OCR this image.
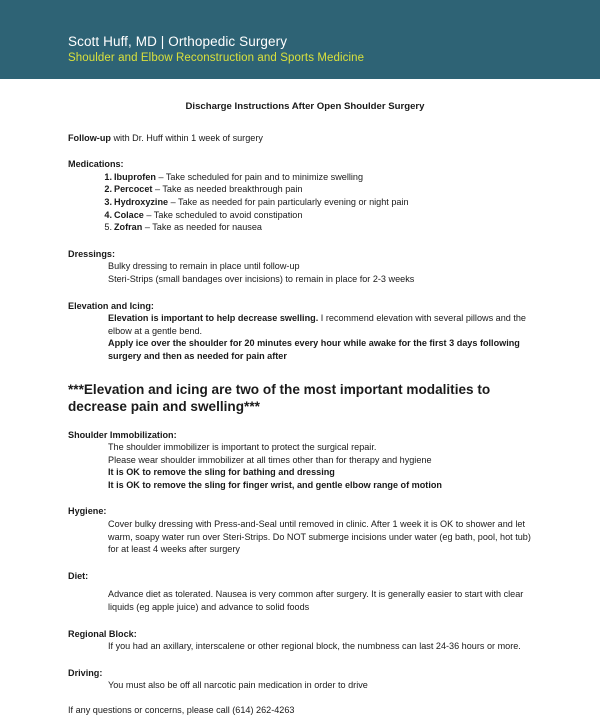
Scott Huff, MD | Orthopedic Surgery
Shoulder and Elbow Reconstruction and Sports Medicine
Discharge Instructions After Open Shoulder Surgery

Follow-up with Dr. Huff within 1 week of surgery

Medications:

1. Ibuprofen – Take scheduled for pain and to minimize swelling
2. Percocet – Take as needed breakthrough pain
3. Hydroxyzine – Take as needed for pain particularly evening or night pain
4. Colace – Take scheduled to avoid constipation
5. Zofran – Take as needed for nausea

Dressings:

Bulky dressing to remain in place until follow-up

Steri-Strips (small bandages over incisions) to remain in place for 2-3 weeks

Elevation and Icing:

Elevation is important to help decrease swelling. I recommend elevation with several pillows and the elbow at a gentle bend.

Apply ice over the shoulder for 20 minutes every hour while awake for the first 3 days following surgery and then as needed for pain after

***Elevation and icing are two of the most important modalities to decrease pain and swelling***

Shoulder Immobilization:

The shoulder immobilizer is important to protect the surgical repair.

Please wear shoulder immobilizer at all times other than for therapy and hygiene

It is OK to remove the sling for bathing and dressing

It is OK to remove the sling for finger wrist, and gentle elbow range of motion

Hygiene:

Cover bulky dressing with Press-and-Seal until removed in clinic. After 1 week it is OK to shower and let warm, soapy water run over Steri-Strips. Do NOT submerge incisions under water (eg bath, pool, hot tub) for at least 4 weeks after surgery

Diet:

Advance diet as tolerated. Nausea is very common after surgery. It is generally easier to start with clear liquids (eg apple juice) and advance to solid foods

Regional Block:

If you had an axillary, interscalene or other regional block, the numbness can last 24-36 hours or more.

Driving:

You must also be off all narcotic pain medication in order to drive

If any questions or concerns, please call (614) 262-4263
